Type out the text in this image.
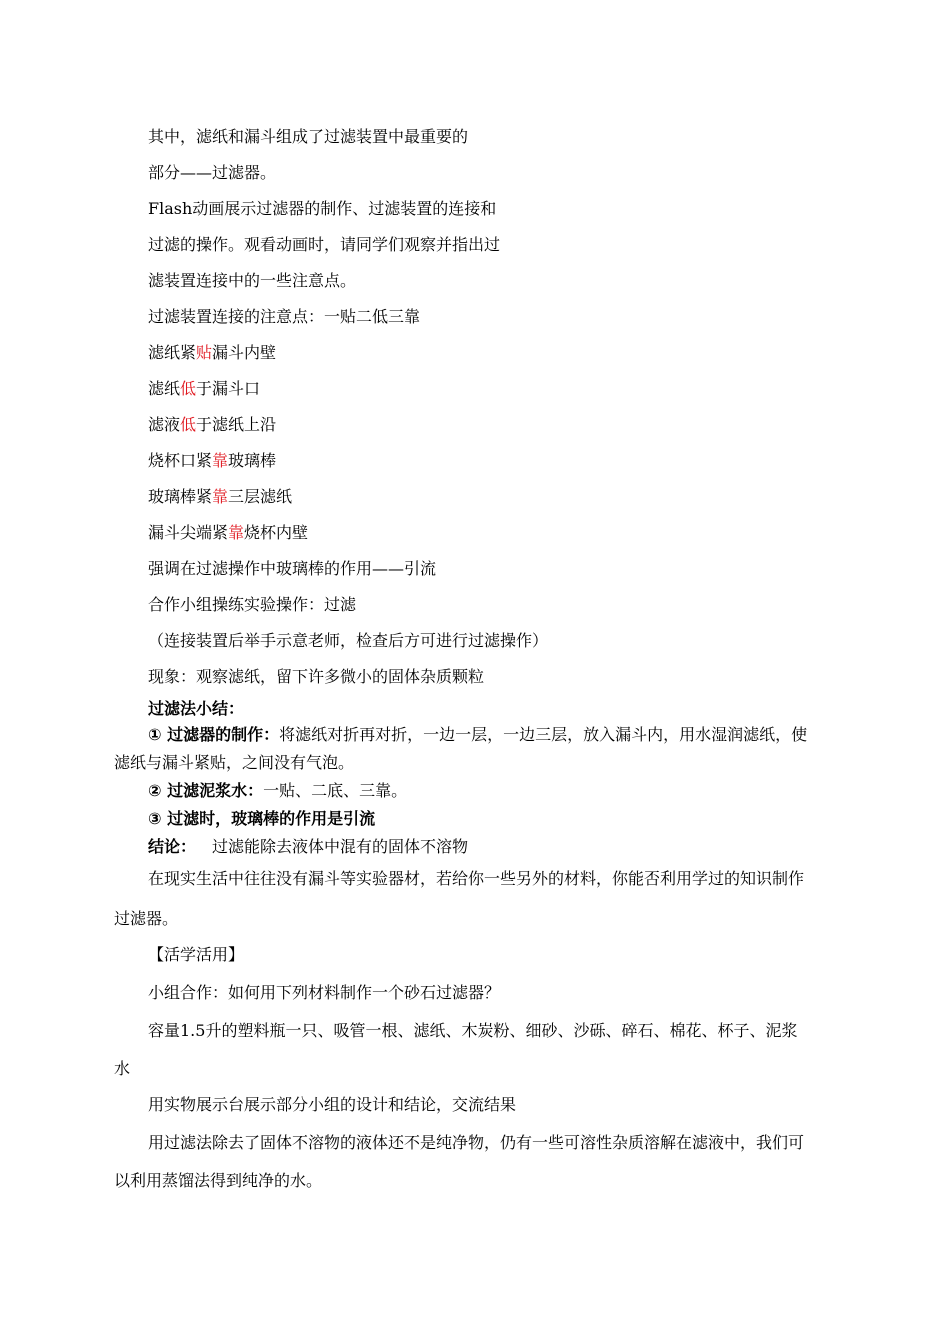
其中，滤纸和漏斗组成了过滤装置中最重要的
部分——过滤器。
Flash动画展示过滤器的制作、过滤装置的连接和
过滤的操作。观看动画时，请同学们观察并指出过
滤装置连接中的一些注意点。
过滤装置连接的注意点：一贴二低三靠
滤纸紧贴漏斗内壁
滤纸低于漏斗口
滤液低于滤纸上沿
烧杯口紧靠玻璃棒
玻璃棒紧靠三层滤纸
漏斗尖端紧靠烧杯内壁
强调在过滤操作中玻璃棒的作用——引流
合作小组操练实验操作：过滤
（连接装置后举手示意老师，检查后方可进行过滤操作）
现象：观察滤纸，留下许多微小的固体杂质颗粒
过滤法小结：
① 过滤器的制作：将滤纸对折再对折，一边一层，一边三层，放入漏斗内，用水湿润滤纸，使
滤纸与漏斗紧贴，之间没有气泡。
② 过滤泥浆水：一贴、二底、三靠。
③ 过滤时，玻璃棒的作用是引流
结论： 过滤能除去液体中混有的固体不溶物
在现实生活中往往没有漏斗等实验器材，若给你一些另外的材料，你能否利用学过的知识制作
过滤器。
【活学活用】
小组合作：如何用下列材料制作一个砂石过滤器？
容量1.5升的塑料瓶一只、吸管一根、滤纸、木炭粉、细砂、沙砾、碎石、棉花、杯子、泥浆
水
用实物展示台展示部分小组的设计和结论，交流结果
用过滤法除去了固体不溶物的液体还不是纯净物，仍有一些可溶性杂质溶解在滤液中，我们可
以利用蒸馏法得到纯净的水。
